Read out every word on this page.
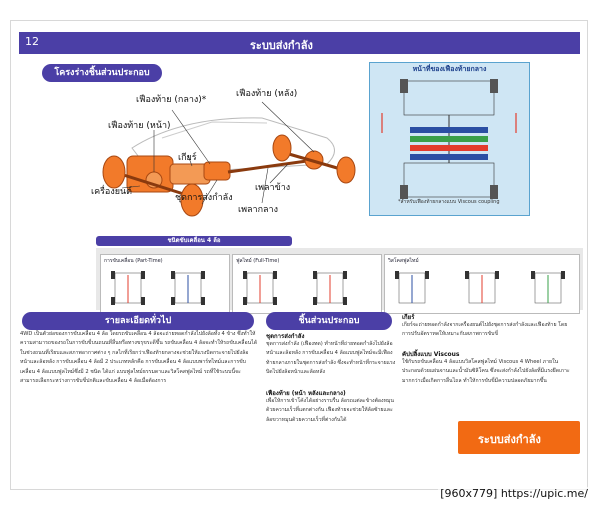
12	ระบบส่งกำลัง
โครงร่างชิ้นส่วนประกอบ
เฟืองท้าย (กลาง)*
เฟืองท้าย (หลัง)
เฟืองท้าย (หน้า)
เกียร์
เครื่องยนต์
ชุดการส่งกำลัง
เพลากลาง
เพลาข้าง
หน้าที่ของเฟืองท้ายกลาง
*สำหรับเฟืองท้ายกลางแบบ Viscous coupling
ชนิดขับเคลื่อน 4 ล้อ
การขับเคลื่อน (Part-Time)	ฟูลไทม์ (Full-Time)	วิสโคสฟูลไทม์
รายละเอียดทั่วไป
4WD เป็นตัวย่อของการขับเคลื่อน 4 ล้อ โดยรถขับเคลื่อน 4 ล้อจะถ่ายทอดกำลังไปยังล้อทั้ง 4 ข้าง ซึ่งทำให้ความสามารถของรถในการขับขี่บนถนนที่ลื่นหรือทางขรุขระดีขึ้น รถขับเคลื่อน 4 ล้อจะทำให้รถขับเคลื่อนได้ในช่วงถนนที่เรียบและสภาพอากาศต่าง ๆ กลไกที่เรียกว่าเฟืองท้ายกลางจะช่วยให้แรงบิดกระจายไปยังล้อหน้าและล้อหลัง การขับเคลื่อน 4 ล้อมี 2 ประเภทหลักคือ การขับเคลื่อน 4 ล้อแบบพาร์ทไทม์และการขับเคลื่อน 4 ล้อแบบฟูลไทม์ซึ่งมี 2 ชนิด ได้แก่ แบบฟูลไทม์ธรรมดาและวิสโคสฟูลไทม์ รถที่ใช้ระบบนี้จะสามารถเลือกระหว่างการขับขี่ปกติและขับเคลื่อน 4 ล้อเมื่อต้องการ
ชิ้นส่วนประกอบ
ชุดการส่งกำลัง
ชุดการส่งกำลัง (เฟืองทด) ทำหน้าที่ถ่ายทอดกำลังไปยังล้อหน้าและล้อหลัง การขับเคลื่อน 4 ล้อแบบฟูลไทม์จะมีเฟืองท้ายกลางภายในชุดการส่งกำลัง ซึ่งจะทำหน้าที่กระจายแรงบิดไปยังล้อหน้าและล้อหลัง
เฟืองท้าย (หน้า หลังและกลาง)
เพื่อให้การเข้าโค้งได้อย่างราบรื่น ล้อรถแต่ละข้างต้องหมุนด้วยความเร็วที่แตกต่างกัน เฟืองท้ายจะช่วยให้ล้อซ้ายและล้อขวาหมุนด้วยความเร็วที่ต่างกันได้
เกียร์
เกียร์จะถ่ายทอดกำลังจากเครื่องยนต์ไปยังชุดการส่งกำลังและเฟืองท้าย โดยการปรับอัตราทดให้เหมาะกับสภาพการขับขี่
คัปปลิ้งแบบ Viscous
ใช้กับรถขับเคลื่อน 4 ล้อแบบวิสโคสฟูลไทม์ Viscous 4 Wheel ภายในประกอบด้วยแผ่นจานและน้ำมันซิลิโคน ซึ่งจะส่งกำลังไปยังล้อที่มีแรงยึดเกาะมากกว่าเมื่อเกิดการลื่นไถล ทำให้การขับขี่มีความปลอดภัยมากขึ้น
ระบบส่งกำลัง
[960x779] https://upic.me/
